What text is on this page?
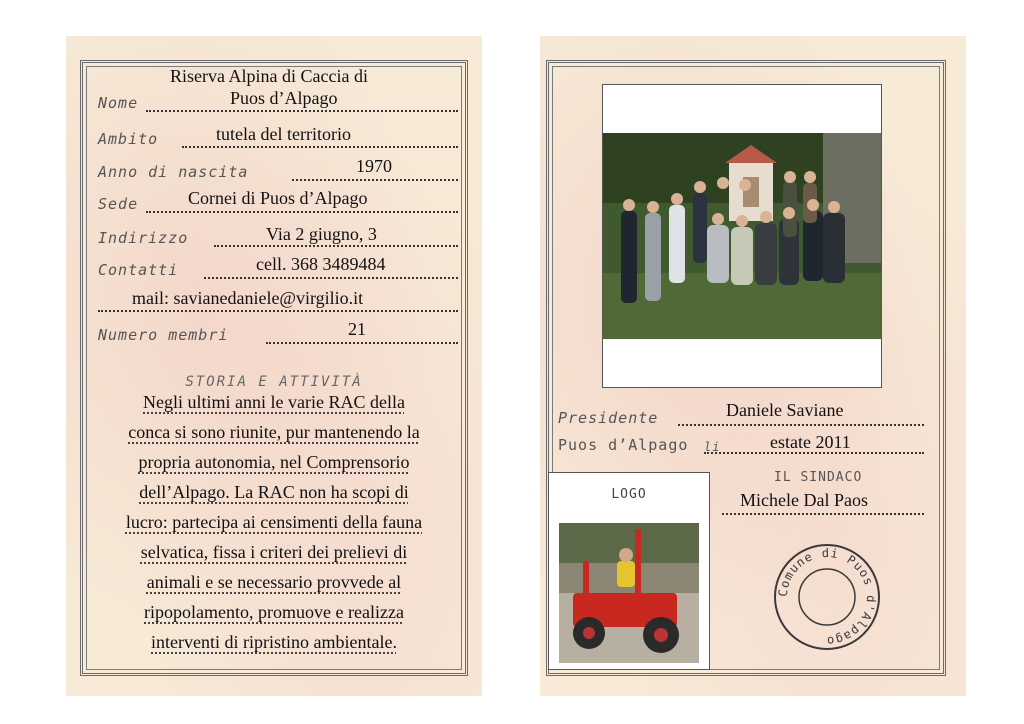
Riserva Alpina di Caccia di
Nome	Puos d’Alpago
Ambito	tutela del territorio
Anno di nascita	1970
Sede	Cornei di Puos d’Alpago
Indirizzo	Via 2 giugno, 3
Contatti	cell. 368 3489484
mail: savianedaniele@virgilio.it
Numero membri	21
STORIA E ATTIVITÀ
Negli ultimi anni le varie RAC della
conca si sono riunite, pur mantenendo la
propria autonomia, nel Comprensorio
dell’Alpago. La RAC non ha scopi di
lucro: partecipa ai censimenti della fauna
selvatica, fissa i criteri dei prelievi di
animali e se necessario provvede al
ripopolamento, promuove e realizza
interventi di ripristino ambientale.
Presidente	Daniele Saviane
Puos d’Alpago li	estate 2011
IL SINDACO
Michele Dal Paos
LOGO
Comune di Puos d'Alpago
